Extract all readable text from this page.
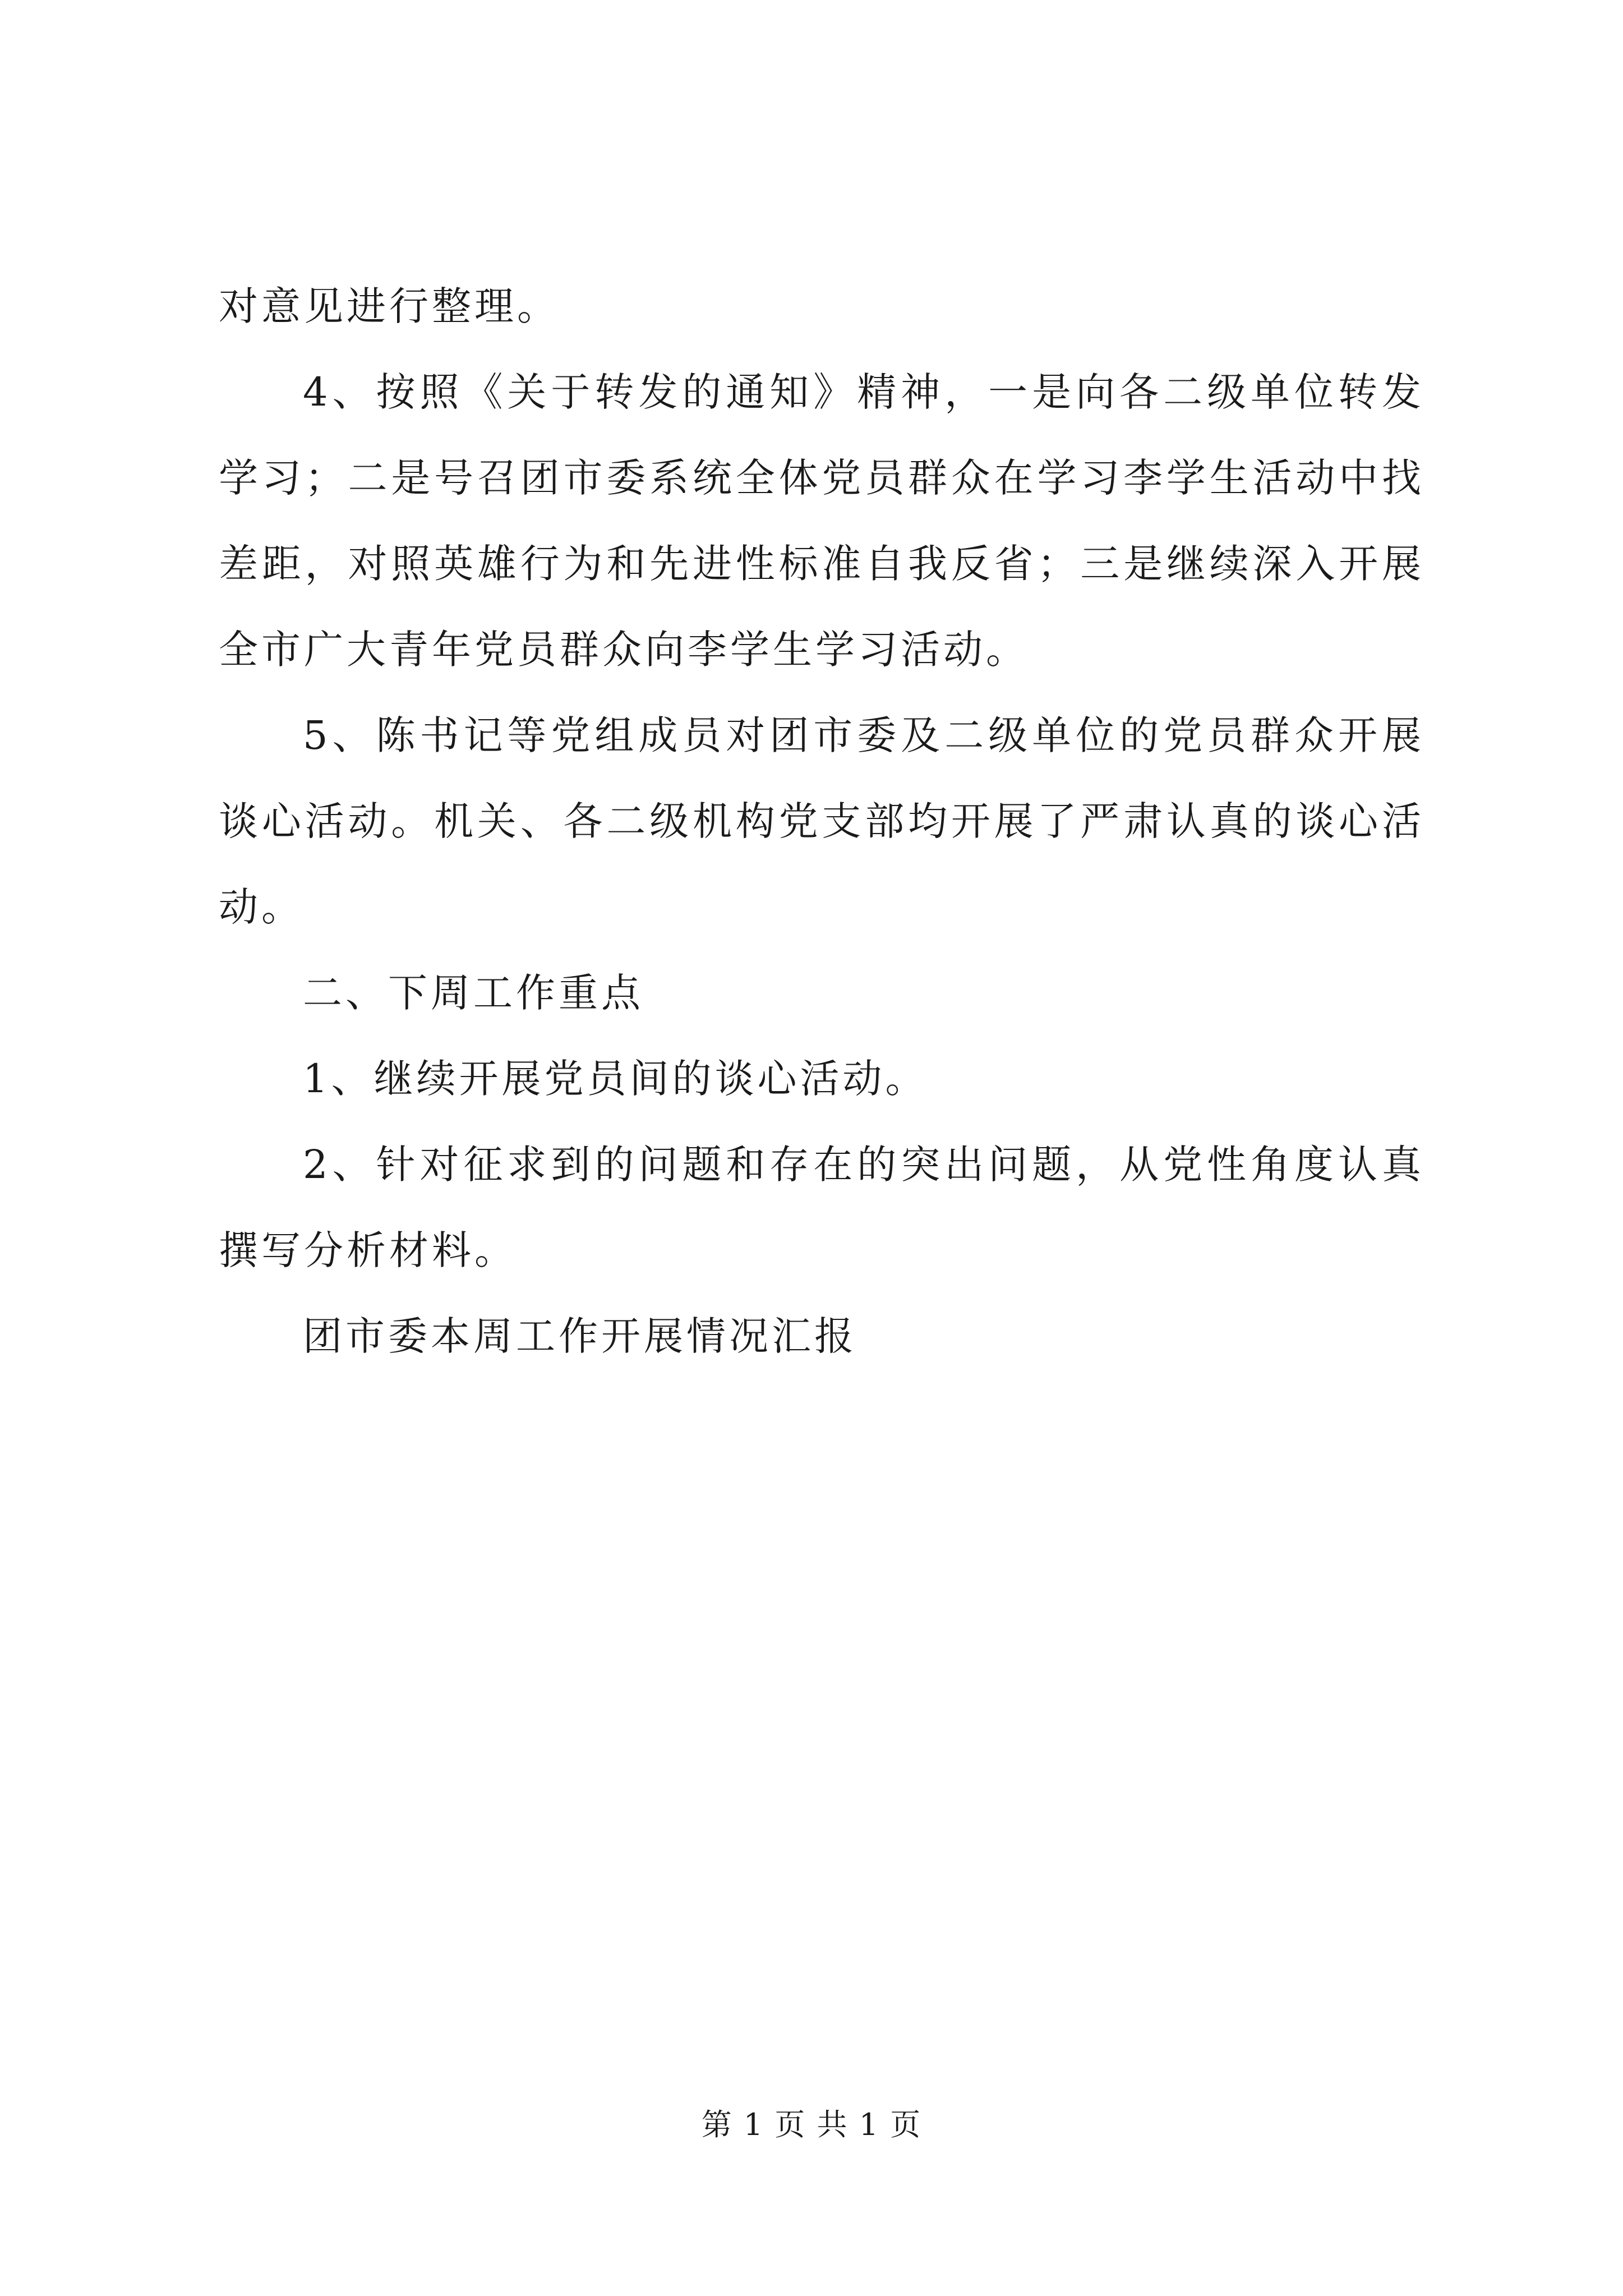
对意见进行整理。

4、按照《关于转发的通知》精神，一是向各二级单位转发学习；二是号召团市委系统全体党员群众在学习李学生活动中找差距，对照英雄行为和先进性标准自我反省；三是继续深入开展全市广大青年党员群众向李学生学习活动。

5、陈书记等党组成员对团市委及二级单位的党员群众开展谈心活动。机关、各二级机构党支部均开展了严肃认真的谈心活动。

二、下周工作重点

1、继续开展党员间的谈心活动。

2、针对征求到的问题和存在的突出问题，从党性角度认真撰写分析材料。

团市委本周工作开展情况汇报

第 1 页 共 1 页
